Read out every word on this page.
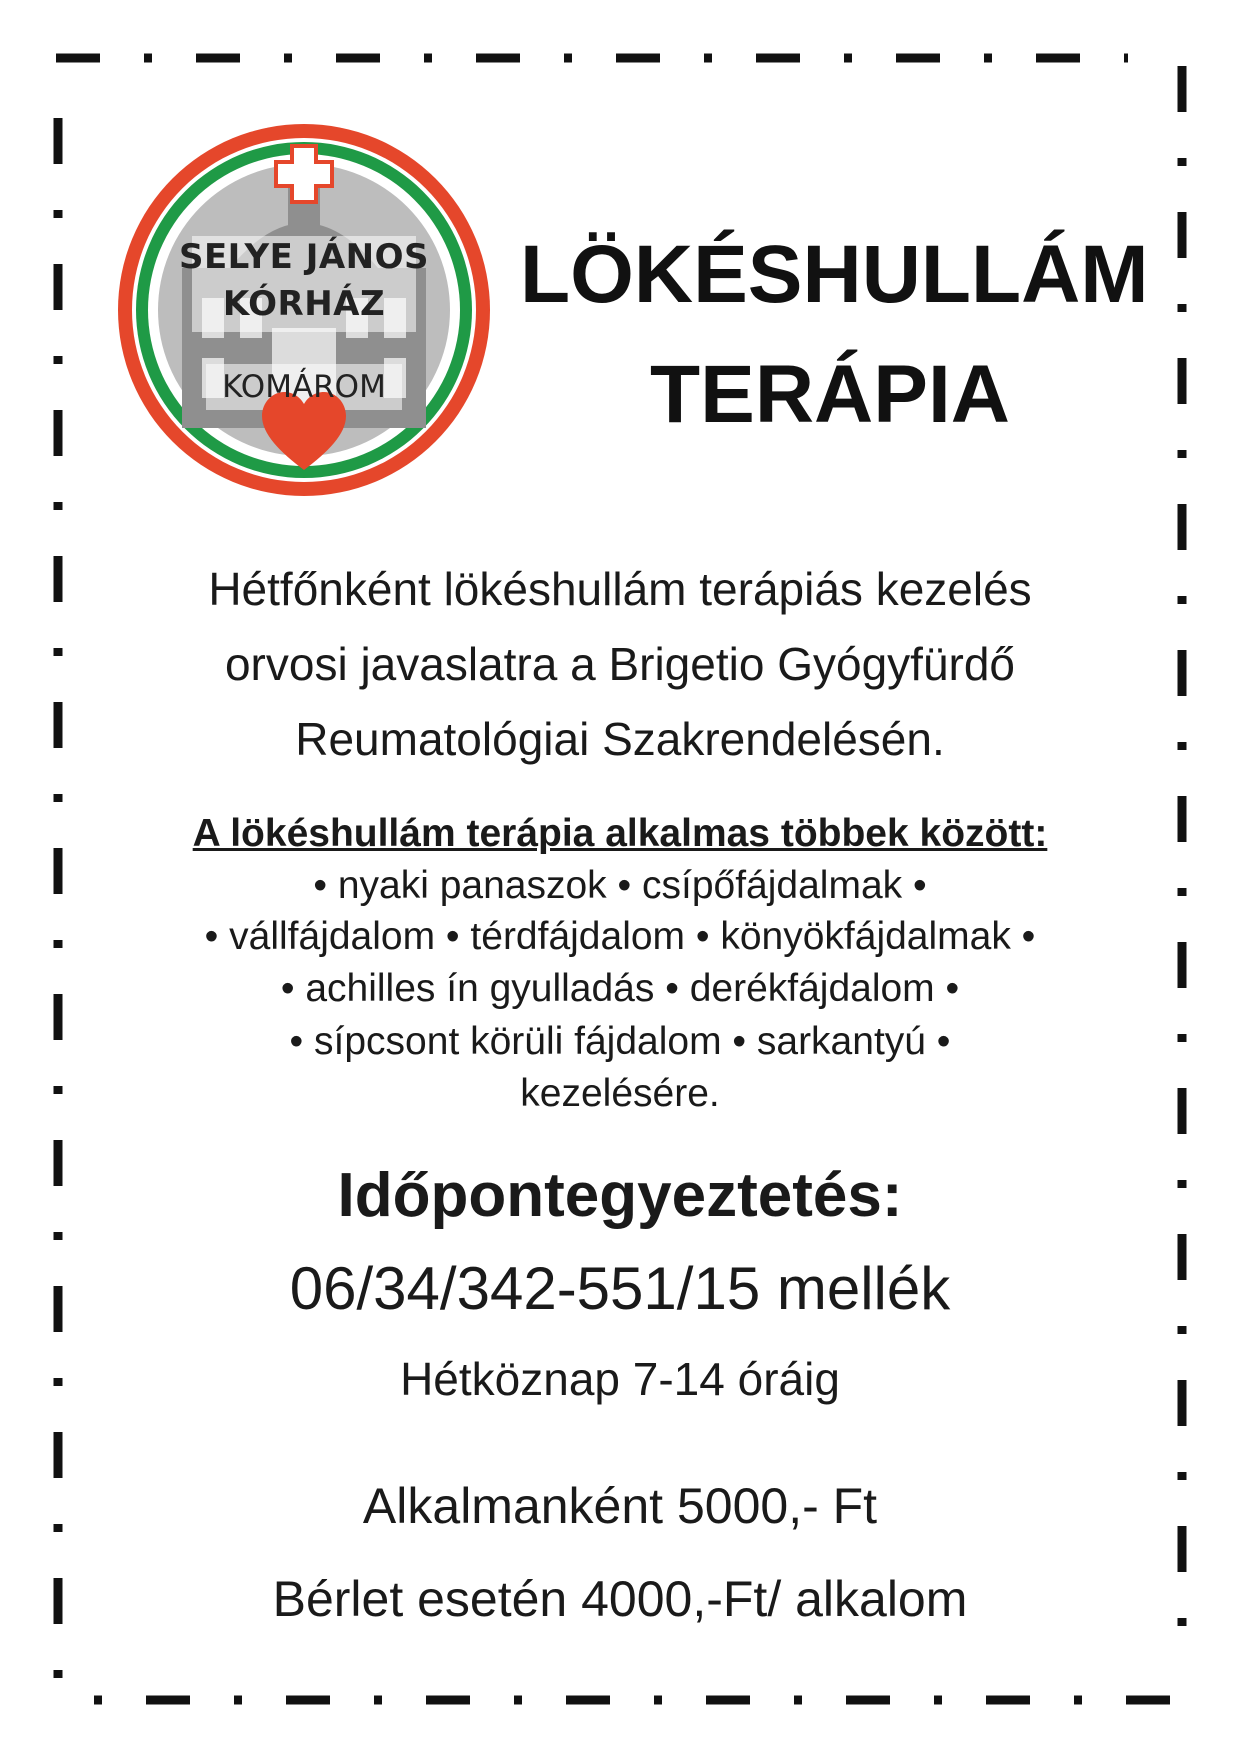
SELYE JÁNOS
KÓRHÁZ
KOMÁROM
LÖKÉSHULLÁM
TERÁPIA
Hétfőnként lökéshullám terápiás kezelés
orvosi javaslatra a Brigetio Gyógyfürdő
Reumatológiai Szakrendelésén.
A lökéshullám terápia alkalmas többek között:
• nyaki panaszok • csípőfájdalmak •
• vállfájdalom • térdfájdalom • könyökfájdalmak •
• achilles ín gyulladás • derékfájdalom •
• sípcsont körüli fájdalom • sarkantyú •
kezelésére.
Időpontegyeztetés:
06/34/342-551/15 mellék
Hétköznap 7-14 óráig
Alkalmanként 5000,- Ft
Bérlet esetén 4000,-Ft/ alkalom
